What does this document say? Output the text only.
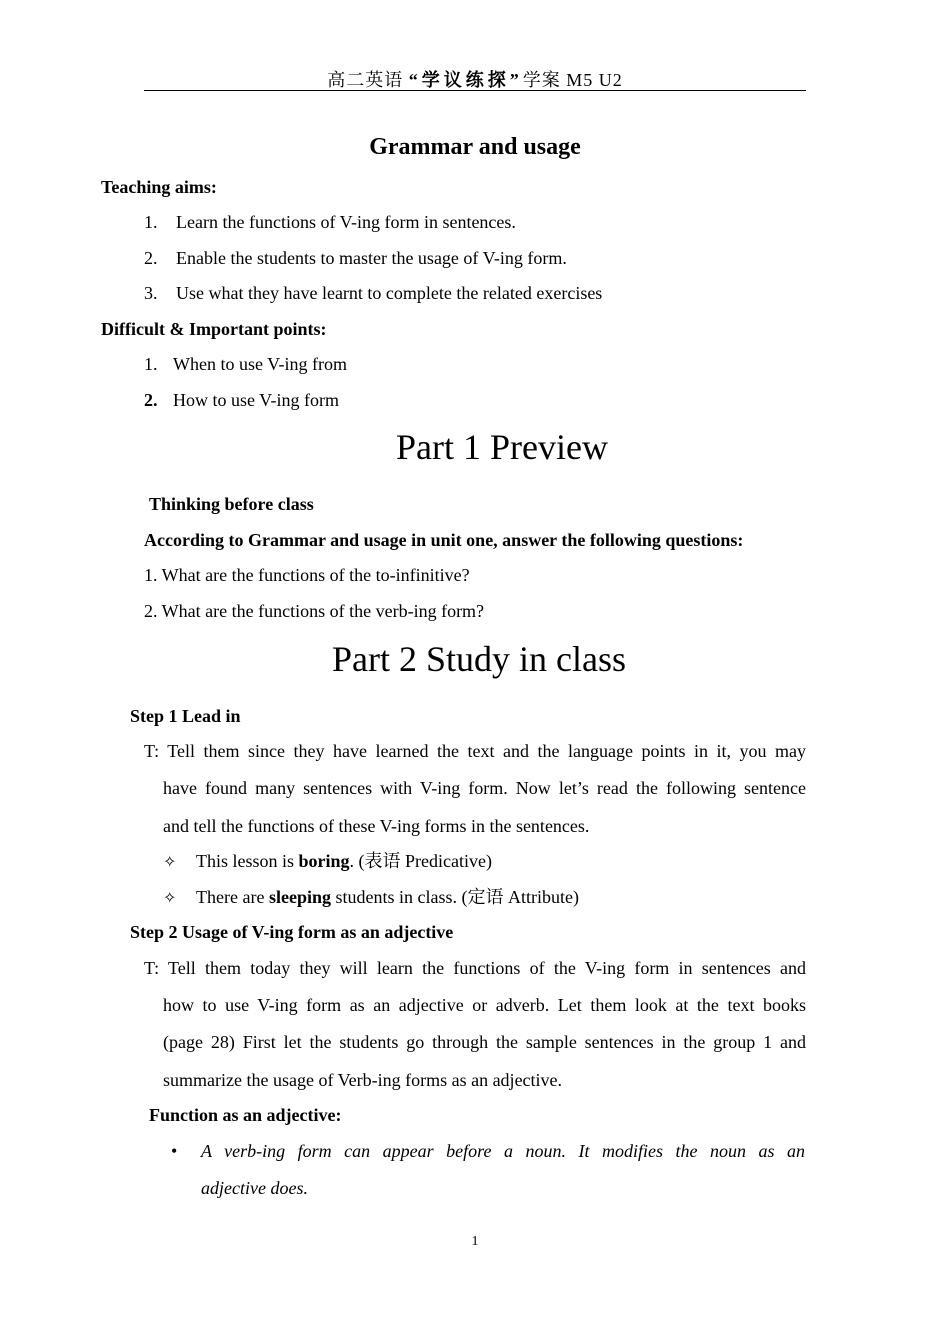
高二英语 “学议练探”学案 M5 U2
Grammar and usage
Teaching aims:
1. Learn the functions of V-ing form in sentences.
2. Enable the students to master the usage of V-ing form.
3. Use what they have learnt to complete the related exercises
Difficult & Important points:
1. When to use V-ing from
2. How to use V-ing form
Part 1 Preview
Thinking before class
According to Grammar and usage in unit one, answer the following questions:
1. What are the functions of the to-infinitive?
2. What are the functions of the verb-ing form?
Part 2 Study in class
Step 1 Lead in
T: Tell them since they have learned the text and the language points in it, you may
have found many sentences with V-ing form. Now let’s read the following sentence
and tell the functions of these V-ing forms in the sentences.
✧ This lesson is boring. (表语 Predicative)
✧ There are sleeping students in class. (定语 Attribute)
Step 2 Usage of V-ing form as an adjective
T: Tell them today they will learn the functions of the V-ing form in sentences and
how to use V-ing form as an adjective or adverb. Let them look at the text books
(page 28) First let the students go through the sample sentences in the group 1 and
summarize the usage of Verb-ing forms as an adjective.
Function as an adjective:
• A verb-ing form can appear before a noun. It modifies the noun as an
adjective does.
1
